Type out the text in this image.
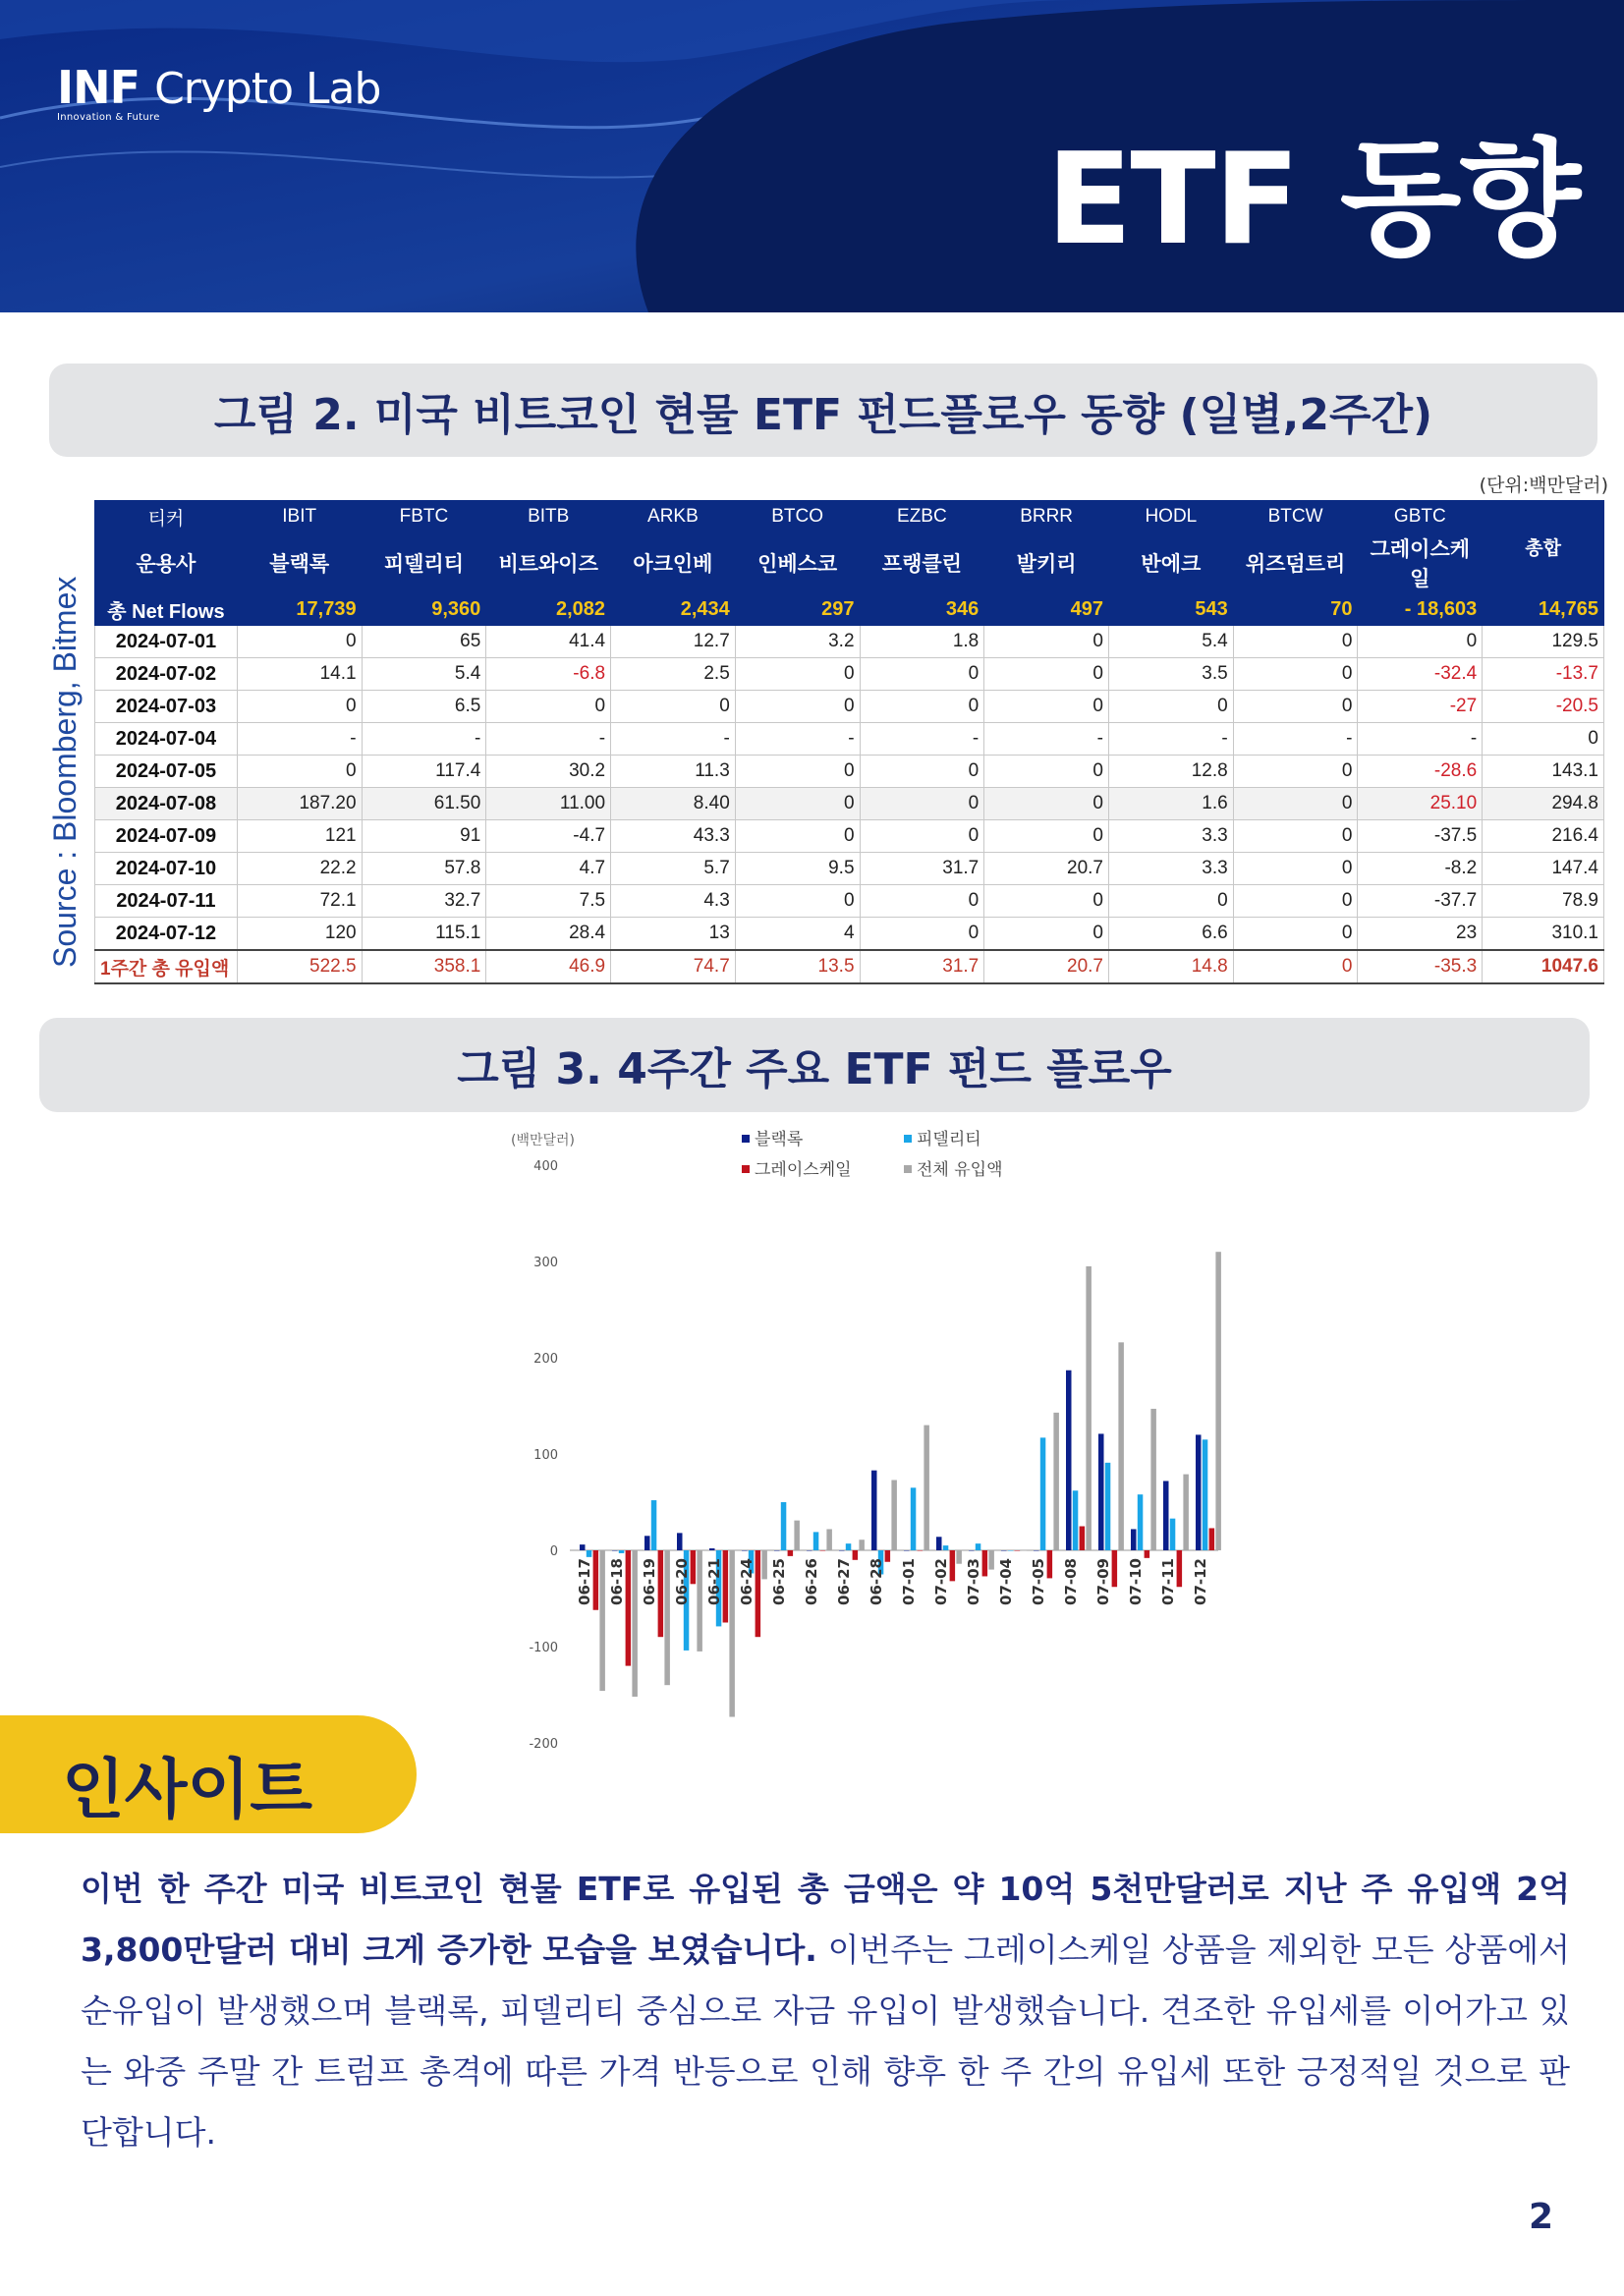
INF Crypto Lab
Innovation & Future
ETF 동향
그림 2. 미국 비트코인 현물 ETF 펀드플로우 동향 (일별,2주간)
(단위:백만달러)
Source : Bloomberg, Bitmex
티커	IBIT	FBTC	BITB	ARKB	BTCO	EZBC	BRRR	HODL	BTCW	GBTC	총합
운용사	블랙록	피델리티	비트와이즈	아크인베	인베스코	프랭클린	발키리	반에크	위즈덤트리	그레이스케일	
총 Net Flows	17,739	9,360	2,082	2,434	297	346	497	543	70	- 18,603	14,765
2024-07-01	0	65	41.4	12.7	3.2	1.8	0	5.4	0	0	129.5
2024-07-02	14.1	5.4	-6.8	2.5	0	0	0	3.5	0	-32.4	-13.7
2024-07-03	0	6.5	0	0	0	0	0	0	0	-27	-20.5
2024-07-04	-	-	-	-	-	-	-	-	-	-	0
2024-07-05	0	117.4	30.2	11.3	0	0	0	12.8	0	-28.6	143.1
2024-07-08	187.20	61.50	11.00	8.40	0	0	0	1.6	0	25.10	294.8
2024-07-09	121	91	-4.7	43.3	0	0	0	3.3	0	-37.5	216.4
2024-07-10	22.2	57.8	4.7	5.7	9.5	31.7	20.7	3.3	0	-8.2	147.4
2024-07-11	72.1	32.7	7.5	4.3	0	0	0	0	0	-37.7	78.9
2024-07-12	120	115.1	28.4	13	4	0	0	6.6	0	23	310.1
1주간 총 유입액	522.5	358.1	46.9	74.7	13.5	31.7	20.7	14.8	0	-35.3	1047.6
그림 3. 4주간 주요 ETF 펀드 플로우
(백만달러)
400
300
200
100
0
-100
-200
블랙록	피델리티
그레이스케일	전체 유입액
06-17 06-18 06-19 06-20 06-21 06-24 06-25 06-26 06-27 06-28 07-01 07-02 07-03 07-04 07-05 07-08 07-09 07-10 07-11 07-12
인사이트
이번 한 주간 미국 비트코인 현물 ETF로 유입된 총 금액은 약 10억 5천만달러로 지난 주 유입액 2억 3,800만달러 대비 크게 증가한 모습을 보였습니다. 이번주는 그레이스케일 상품을 제외한 모든 상품에서 순유입이 발생했으며 블랙록, 피델리티 중심으로 자금 유입이 발생했습니다. 견조한 유입세를 이어가고 있는 와중 주말 간 트럼프 총격에 따른 가격 반등으로 인해 향후 한 주 간의 유입세 또한 긍정적일 것으로 판단합니다.
2
